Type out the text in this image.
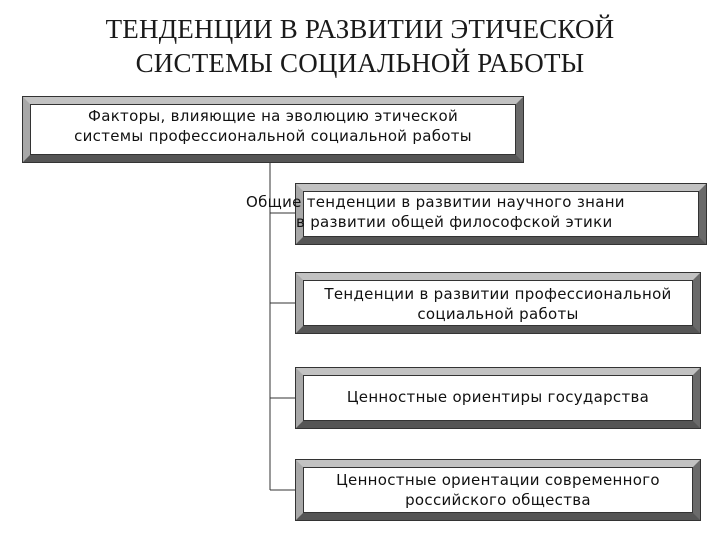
ТЕНДЕНЦИИ В РАЗВИТИИ ЭТИЧЕСКОЙ
СИСТЕМЫ СОЦИАЛЬНОЙ РАБОТЫ
Факторы, влияющие на эволюцию этической
системы профессиональной социальной работы
Общие тенденции в развитии научного знани
в развитии общей философской этики
Тенденции в развитии профессиональной
социальной работы
Ценностные ориентиры государства
Ценностные ориентации современного
российского общества
